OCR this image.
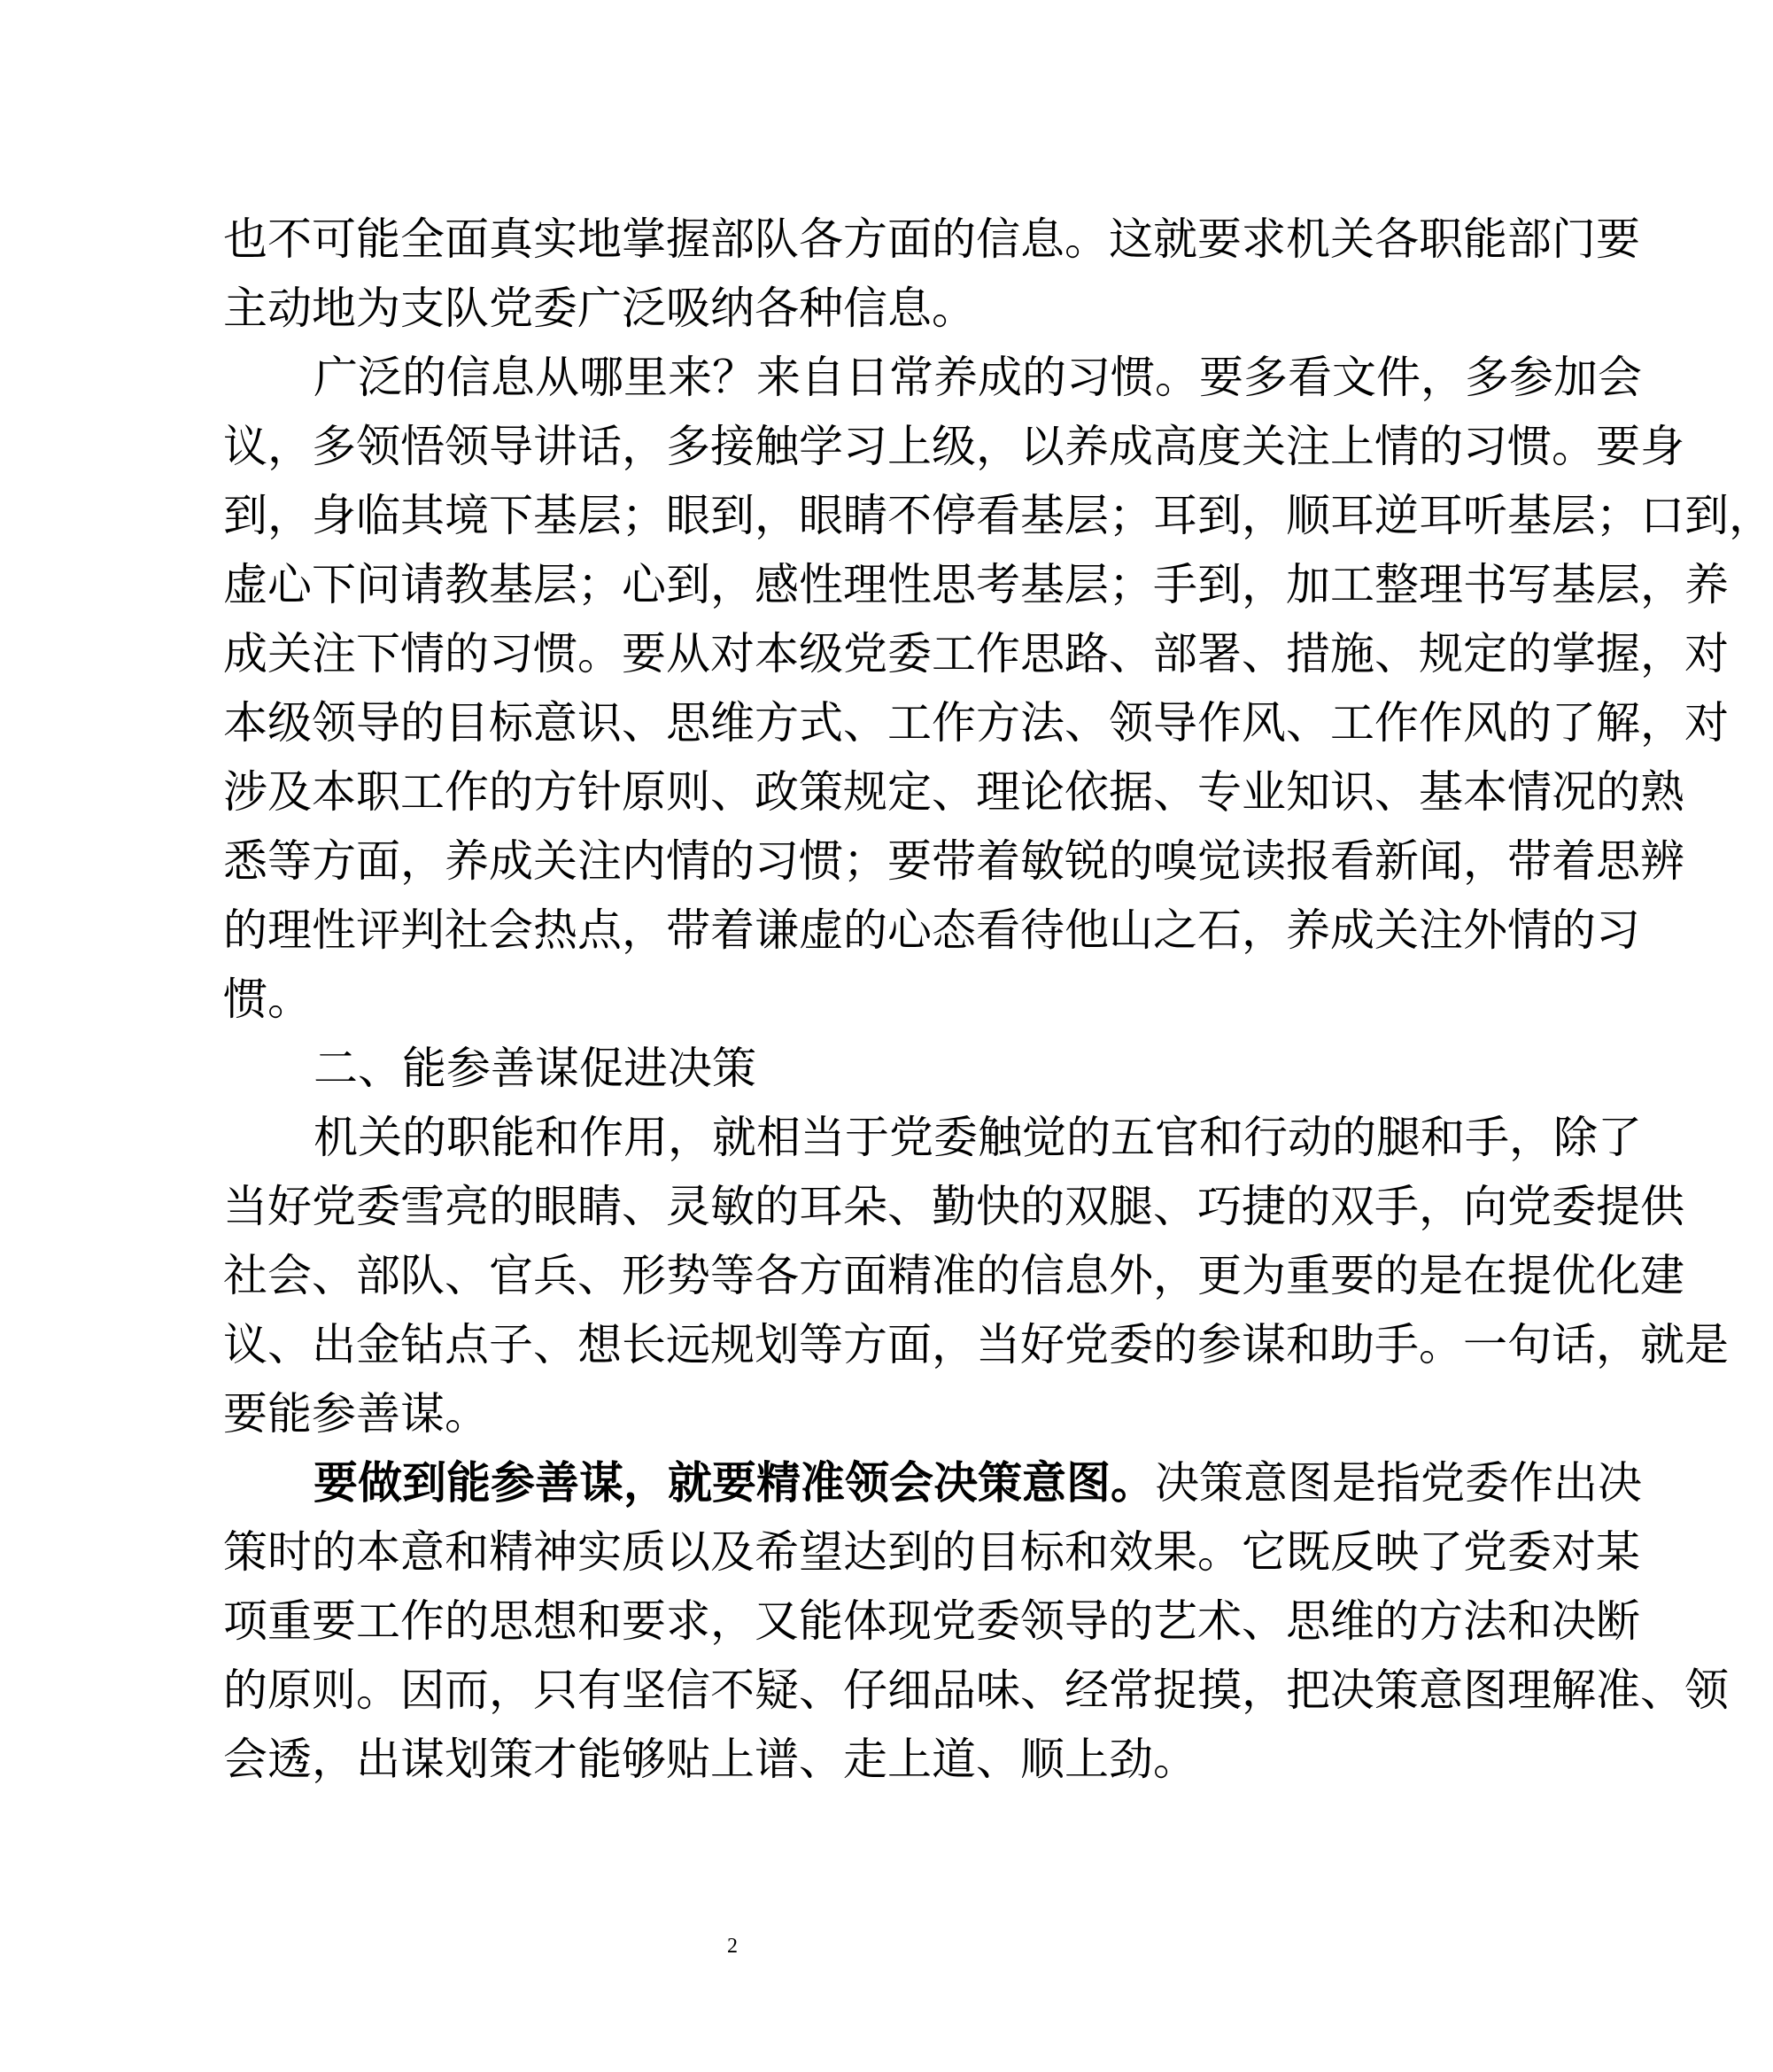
也不可能全面真实地掌握部队各方面的信息。这就要求机关各职能部门要
主动地为支队党委广泛吸纳各种信息。
广泛的信息从哪里来？来自日常养成的习惯。要多看文件，多参加会
议，多领悟领导讲话，多接触学习上级，以养成高度关注上情的习惯。要身
到，身临其境下基层；眼到，眼睛不停看基层；耳到，顺耳逆耳听基层；口到，
虚心下问请教基层；心到，感性理性思考基层；手到，加工整理书写基层，养
成关注下情的习惯。要从对本级党委工作思路、部署、措施、规定的掌握，对
本级领导的目标意识、思维方式、工作方法、领导作风、工作作风的了解，对
涉及本职工作的方针原则、政策规定、理论依据、专业知识、基本情况的熟
悉等方面，养成关注内情的习惯；要带着敏锐的嗅觉读报看新闻，带着思辨
的理性评判社会热点，带着谦虚的心态看待他山之石，养成关注外情的习
惯。
二、能参善谋促进决策
机关的职能和作用，就相当于党委触觉的五官和行动的腿和手，除了
当好党委雪亮的眼睛、灵敏的耳朵、勤快的双腿、巧捷的双手，向党委提供
社会、部队、官兵、形势等各方面精准的信息外，更为重要的是在提优化建
议、出金钻点子、想长远规划等方面，当好党委的参谋和助手。一句话，就是
要能参善谋。
要做到能参善谋，就要精准领会决策意图。决策意图是指党委作出决
策时的本意和精神实质以及希望达到的目标和效果。它既反映了党委对某
项重要工作的思想和要求，又能体现党委领导的艺术、思维的方法和决断
的原则。因而，只有坚信不疑、仔细品味、经常捉摸，把决策意图理解准、领
会透，出谋划策才能够贴上谱、走上道、顺上劲。
2
